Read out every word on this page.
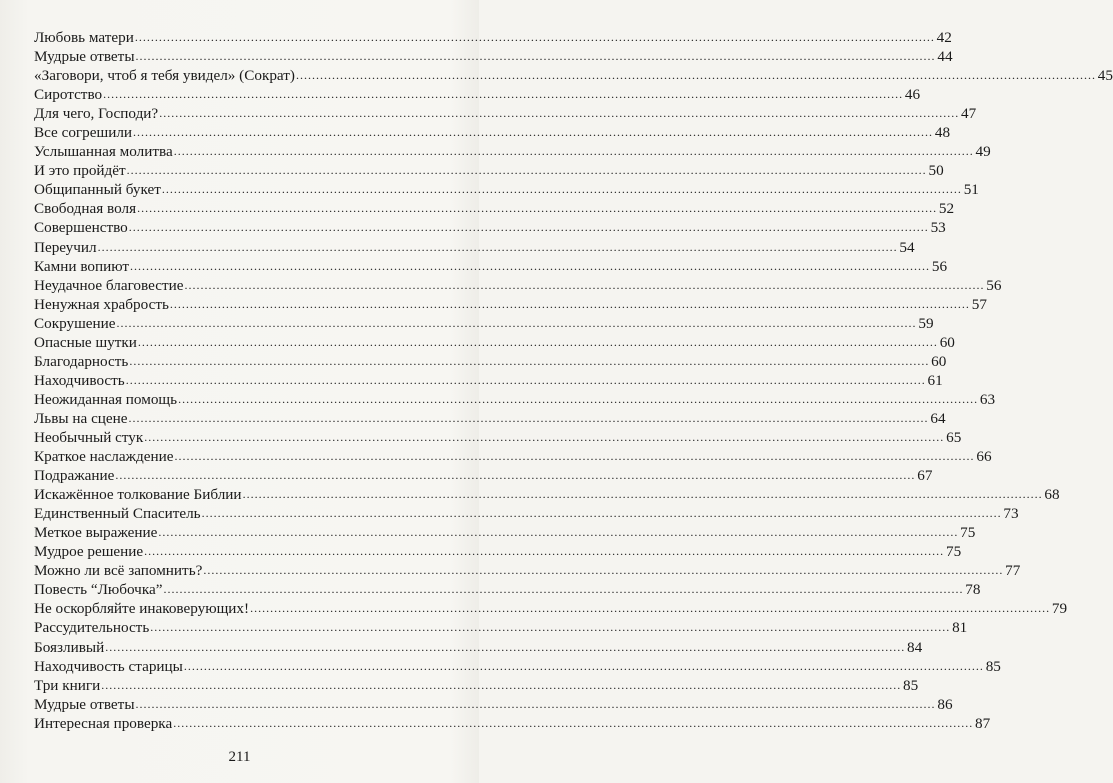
Любовь матери .....	42
Мудрые ответы .....	44
«Заговори, чтоб я тебя увидел» (Сократ) .....	45
Сиротство .....	46
Для чего, Господи? .....	47
Все согрешили .....	48
Услышанная молитва .....	49
И это пройдёт .....	50
Общипанный букет .....	51
Свободная воля .....	52
Совершенство .....	53
Переучил .....	54
Камни вопиют .....	56
Неудачное благовестие .....	56
Ненужная храбрость .....	57
Сокрушение .....	59
Опасные шутки .....	60
Благодарность .....	60
Находчивость .....	61
Неожиданная помощь .....	63
Львы на сцене .....	64
Необычный стук .....	65
Краткое наслаждение .....	66
Подражание .....	67
Искажённое толкование Библии .....	68
Единственный Спаситель .....	73
Меткое выражение .....	75
Мудрое решение .....	75
Можно ли всё запомнить? .....	77
Повесть “Любочка” .....	78
Не оскорбляйте инаковерующих! .....	79
Рассудительность .....	81
Боязливый .....	84
Находчивость старицы .....	85
Три книги .....	85
Мудрые ответы .....	86
Интересная проверка .....	87
211
